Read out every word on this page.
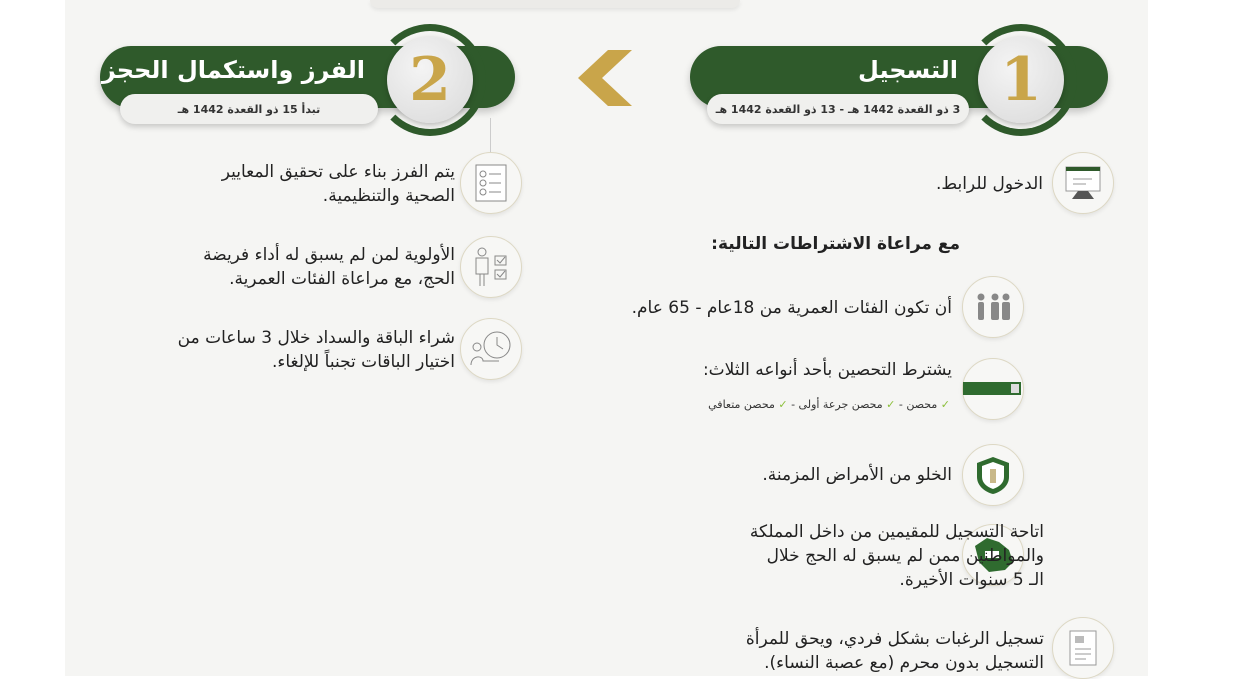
التسجيل
3 ذو القعدة 1442 هـ - 13 ذو القعدة 1442 هـ 1
الفرز واستكمال الحجز
تبدأ 15 ذو القعدة 1442 هـ	2
الدخول للرابط.
مع مراعاة الاشتراطات التالية:
أن تكون الفئات العمرية من 18عام - 65 عام.
يشترط التحصين بأحد أنواعه الثلاث:
✓ محصن - ✓ محصن جرعة أولى - ✓ محصن متعافي
الخلو من الأمراض المزمنة.
اتاحة التسجيل للمقيمين من داخل المملكة
والمواطنين ممن لم يسبق له الحج خلال
الـ 5 سنوات الأخيرة.
تسجيل الرغبات بشكل فردي، ويحق للمرأة
التسجيل بدون محرم (مع عصبة النساء).
يتم الفرز بناء على تحقيق المعايير
الصحية والتنظيمية.
الأولوية لمن لم يسبق له أداء فريضة
الحج، مع مراعاة الفئات العمرية.
شراء الباقة والسداد خلال 3 ساعات من
اختيار الباقات تجنباً للإلغاء.
